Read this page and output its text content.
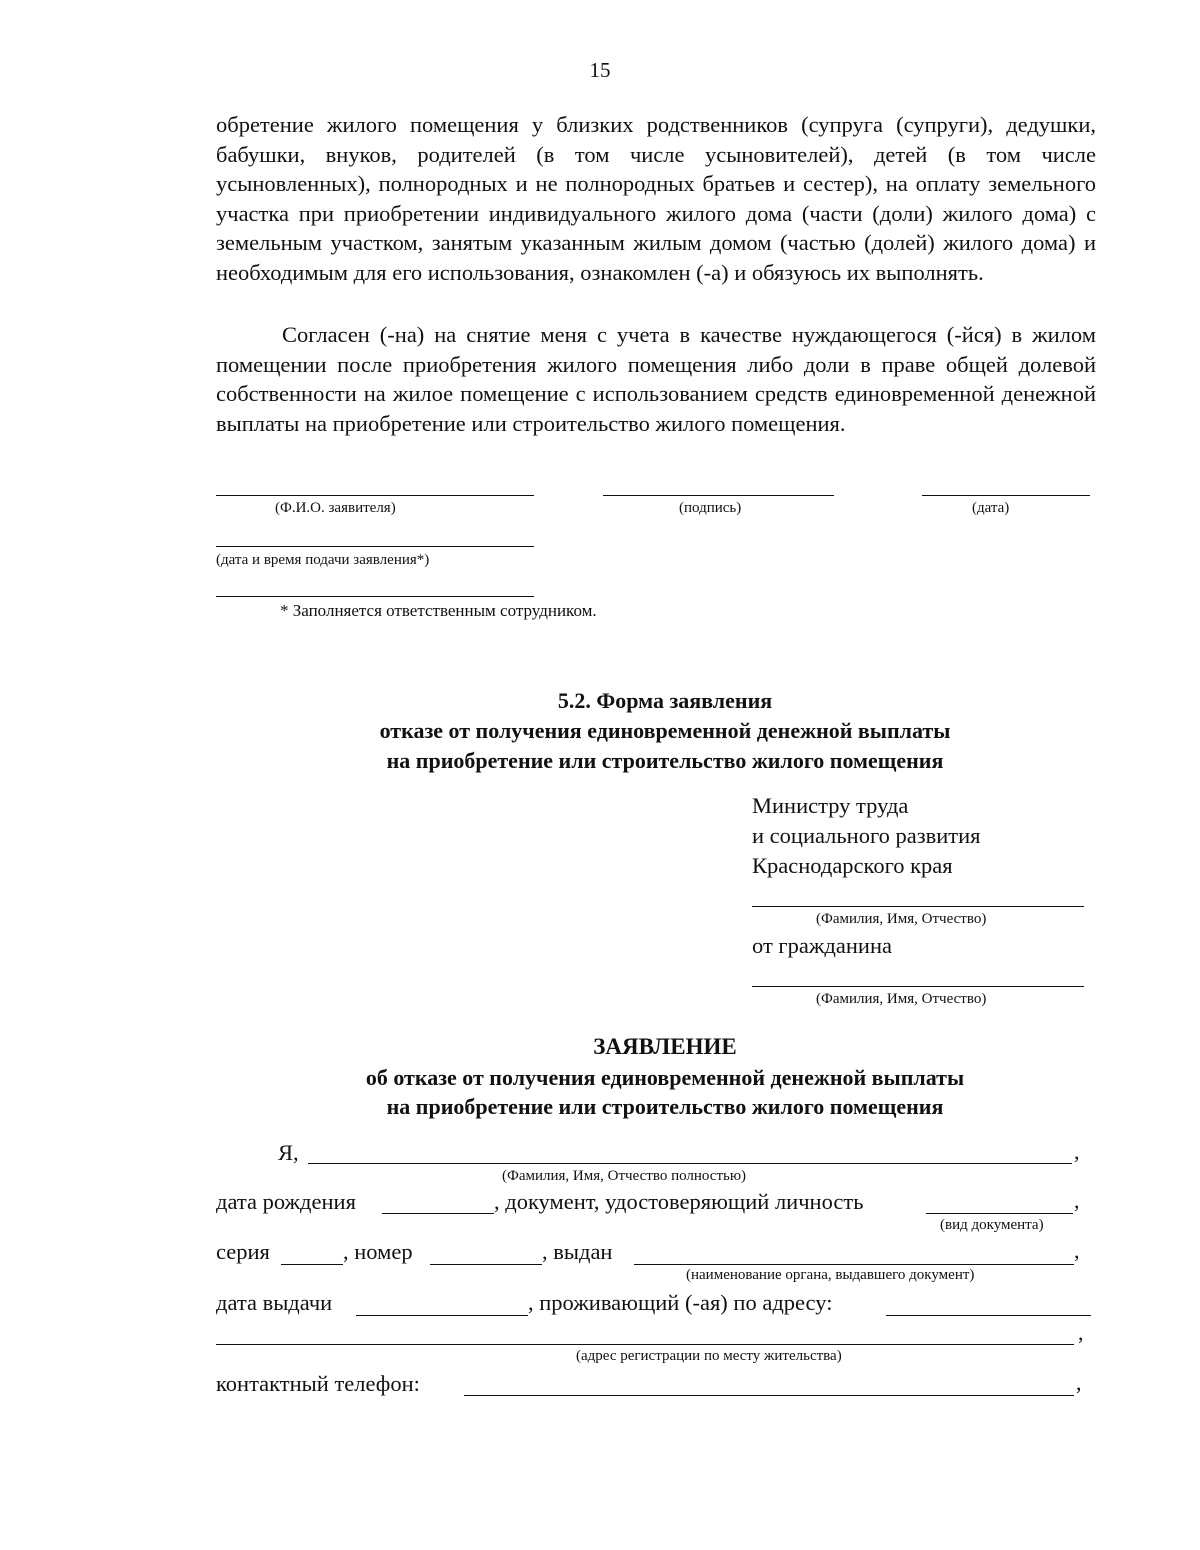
15
обретение жилого помещения у близких родственников (супруга (супруги), дедушки, бабушки, внуков, родителей (в том числе усыновителей), детей (в том числе усыновленных), полнородных и не полнородных братьев и сестер), на оплату земельного участка при приобретении индивидуального жилого дома (части (доли) жилого дома) с земельным участком, занятым указанным жилым домом (частью (долей) жилого дома) и необходимым для его использования, ознакомлен (-а) и обязуюсь их выполнять.
Согласен (-на) на снятие меня с учета в качестве нуждающегося (-йся) в жилом помещении после приобретения жилого помещения либо доли в праве общей долевой собственности на жилое помещение с использованием средств единовременной денежной выплаты на приобретение или строительство жилого помещения.
(Ф.И.О. заявителя)	(подпись)	(дата)
(дата и время подачи заявления*)
* Заполняется ответственным сотрудником.
5.2. Форма заявления
отказе от получения единовременной денежной выплаты
на приобретение или строительство жилого помещения
Министру труда
и социального развития
Краснодарского края
(Фамилия, Имя, Отчество)
от гражданина
(Фамилия, Имя, Отчество)
ЗАЯВЛЕНИЕ
об отказе от получения единовременной денежной выплаты
на приобретение или строительство жилого помещения
Я,	,
(Фамилия, Имя, Отчество полностью)
дата рождения	, документ, удостоверяющий личность	,
(вид документа)
серия	, номер	, выдан	,
(наименование органа, выдавшего документ)
дата выдачи	, проживающий (-ая) по адресу:
,
(адрес регистрации по месту жительства)
контактный телефон:	,
